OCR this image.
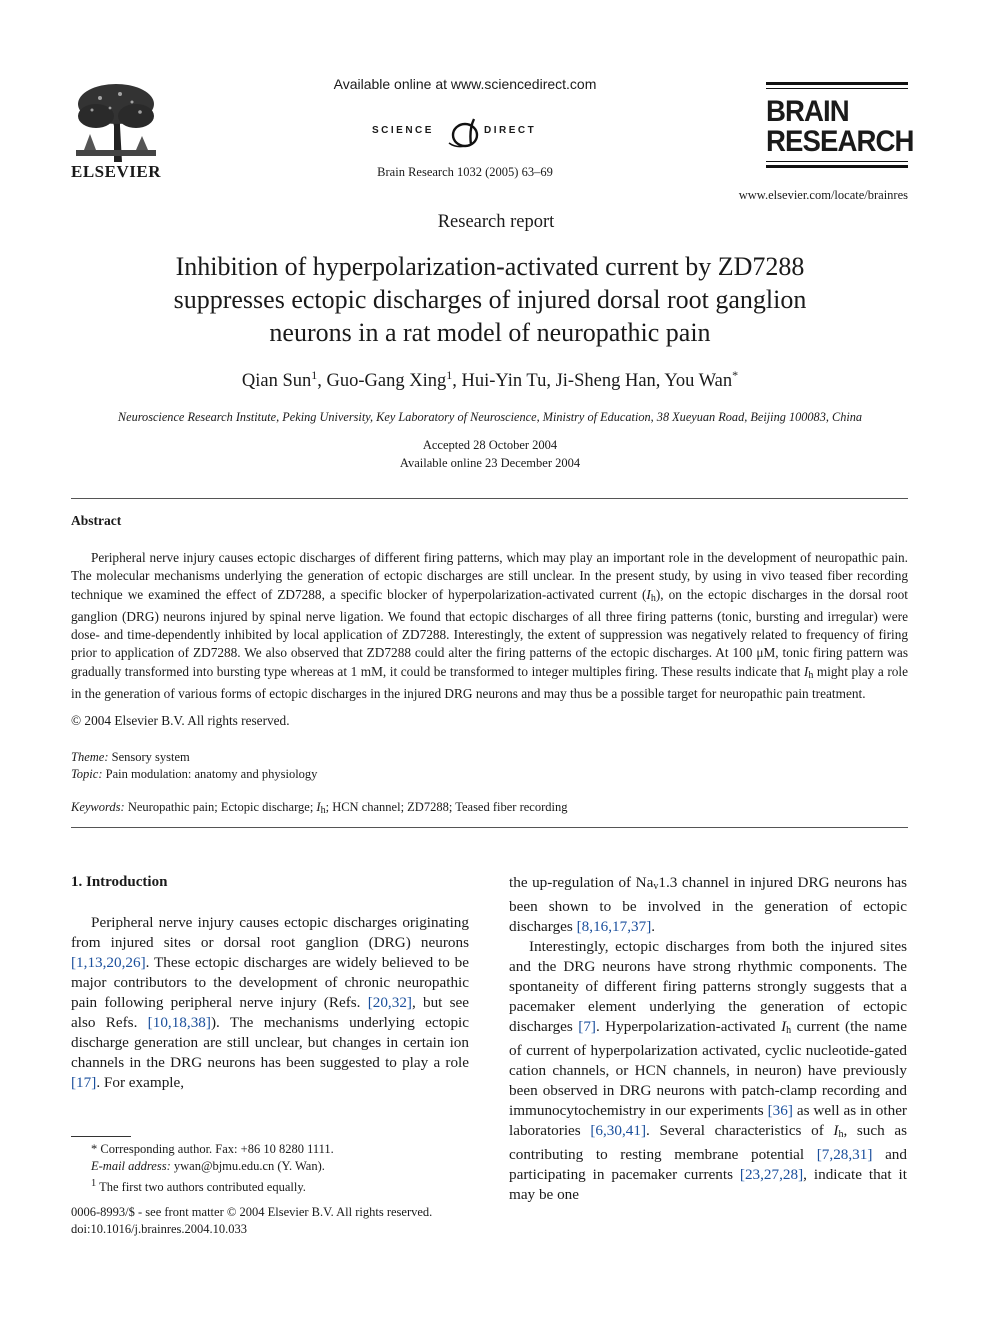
ELSEVIER
Available online at www.sciencedirect.com
SCIENCE	DIRECT
Brain Research 1032 (2005) 63–69
BRAIN
RESEARCH
www.elsevier.com/locate/brainres
Research report
Inhibition of hyperpolarization-activated current by ZD7288
suppresses ectopic discharges of injured dorsal root ganglion
neurons in a rat model of neuropathic pain
Qian Sun$^1$, Guo-Gang Xing$^1$, Hui-Yin Tu, Ji-Sheng Han, You Wan*
Neuroscience Research Institute, Peking University, Key Laboratory of Neuroscience, Ministry of Education, 38 Xueyuan Road, Beijing 100083, China
Accepted 28 October 2004
Available online 23 December 2004
Abstract

Peripheral nerve injury causes ectopic discharges of different firing patterns, which may play an important role in the development of neuropathic pain. The molecular mechanisms underlying the generation of ectopic discharges are still unclear. In the present study, by using in vivo teased fiber recording technique we examined the effect of ZD7288, a specific blocker of hyperpolarization-activated current $(I_h)$, on the ectopic discharges in the dorsal root ganglion (DRG) neurons injured by spinal nerve ligation. We found that ectopic discharges of all three firing patterns (tonic, bursting and irregular) were dose- and time-dependently inhibited by local application of ZD7288. Interestingly, the extent of suppression was negatively related to frequency of firing prior to application of ZD7288. We also observed that ZD7288 could alter the firing patterns of the ectopic discharges. At 100 μM, tonic firing pattern was gradually transformed into bursting type whereas at 1 mM, it could be transformed to integer multiples firing. These results indicate that $I_h$ might play a role in the generation of various forms of ectopic discharges in the injured DRG neurons and may thus be a possible target for neuropathic pain treatment.

© 2004 Elsevier B.V. All rights reserved.
Theme: Sensory system
Topic: Pain modulation: anatomy and physiology
Keywords: Neuropathic pain; Ectopic discharge; $I_h$; HCN channel; ZD7288; Teased fiber recording
1. Introduction

Peripheral nerve injury causes ectopic discharges originating from injured sites or dorsal root ganglion (DRG) neurons [1,13,20,26]. These ectopic discharges are widely believed to be major contributors to the development of chronic neuropathic pain following peripheral nerve injury (Refs. [20,32], but see also Refs. [10,18,38]). The mechanisms underlying ectopic discharge generation are still unclear, but changes in certain ion channels in the DRG neurons has been suggested to play a role [17]. For example,

the up-regulation of $Na_v1.3$ channel in injured DRG neurons has been shown to be involved in the generation of ectopic discharges [8,16,17,37].

Interestingly, ectopic discharges from both the injured sites and the DRG neurons have strong rhythmic components. The spontaneity of different firing patterns strongly suggests that a pacemaker element underlying the generation of ectopic discharges [7]. Hyperpolarization-activated $I_h$ current (the name of current of hyperpolarization activated, cyclic nucleotide-gated cation channels, or HCN channels, in neuron) have previously been observed in DRG neurons with patch-clamp recording and immunocytochemistry in our experiments [36] as well as in other laboratories [6,30,41]. Several characteristics of $I_h$, such as contributing to resting membrane potential [7,28,31] and participating in pacemaker currents [23,27,28], indicate that it may be one

* Corresponding author. Fax: +86 10 8280 1111.
E-mail address: ywan@bjmu.edu.cn (Y. Wan).
$^1$ The first two authors contributed equally.
0006-8993/$ - see front matter © 2004 Elsevier B.V. All rights reserved.
doi:10.1016/j.brainres.2004.10.033
